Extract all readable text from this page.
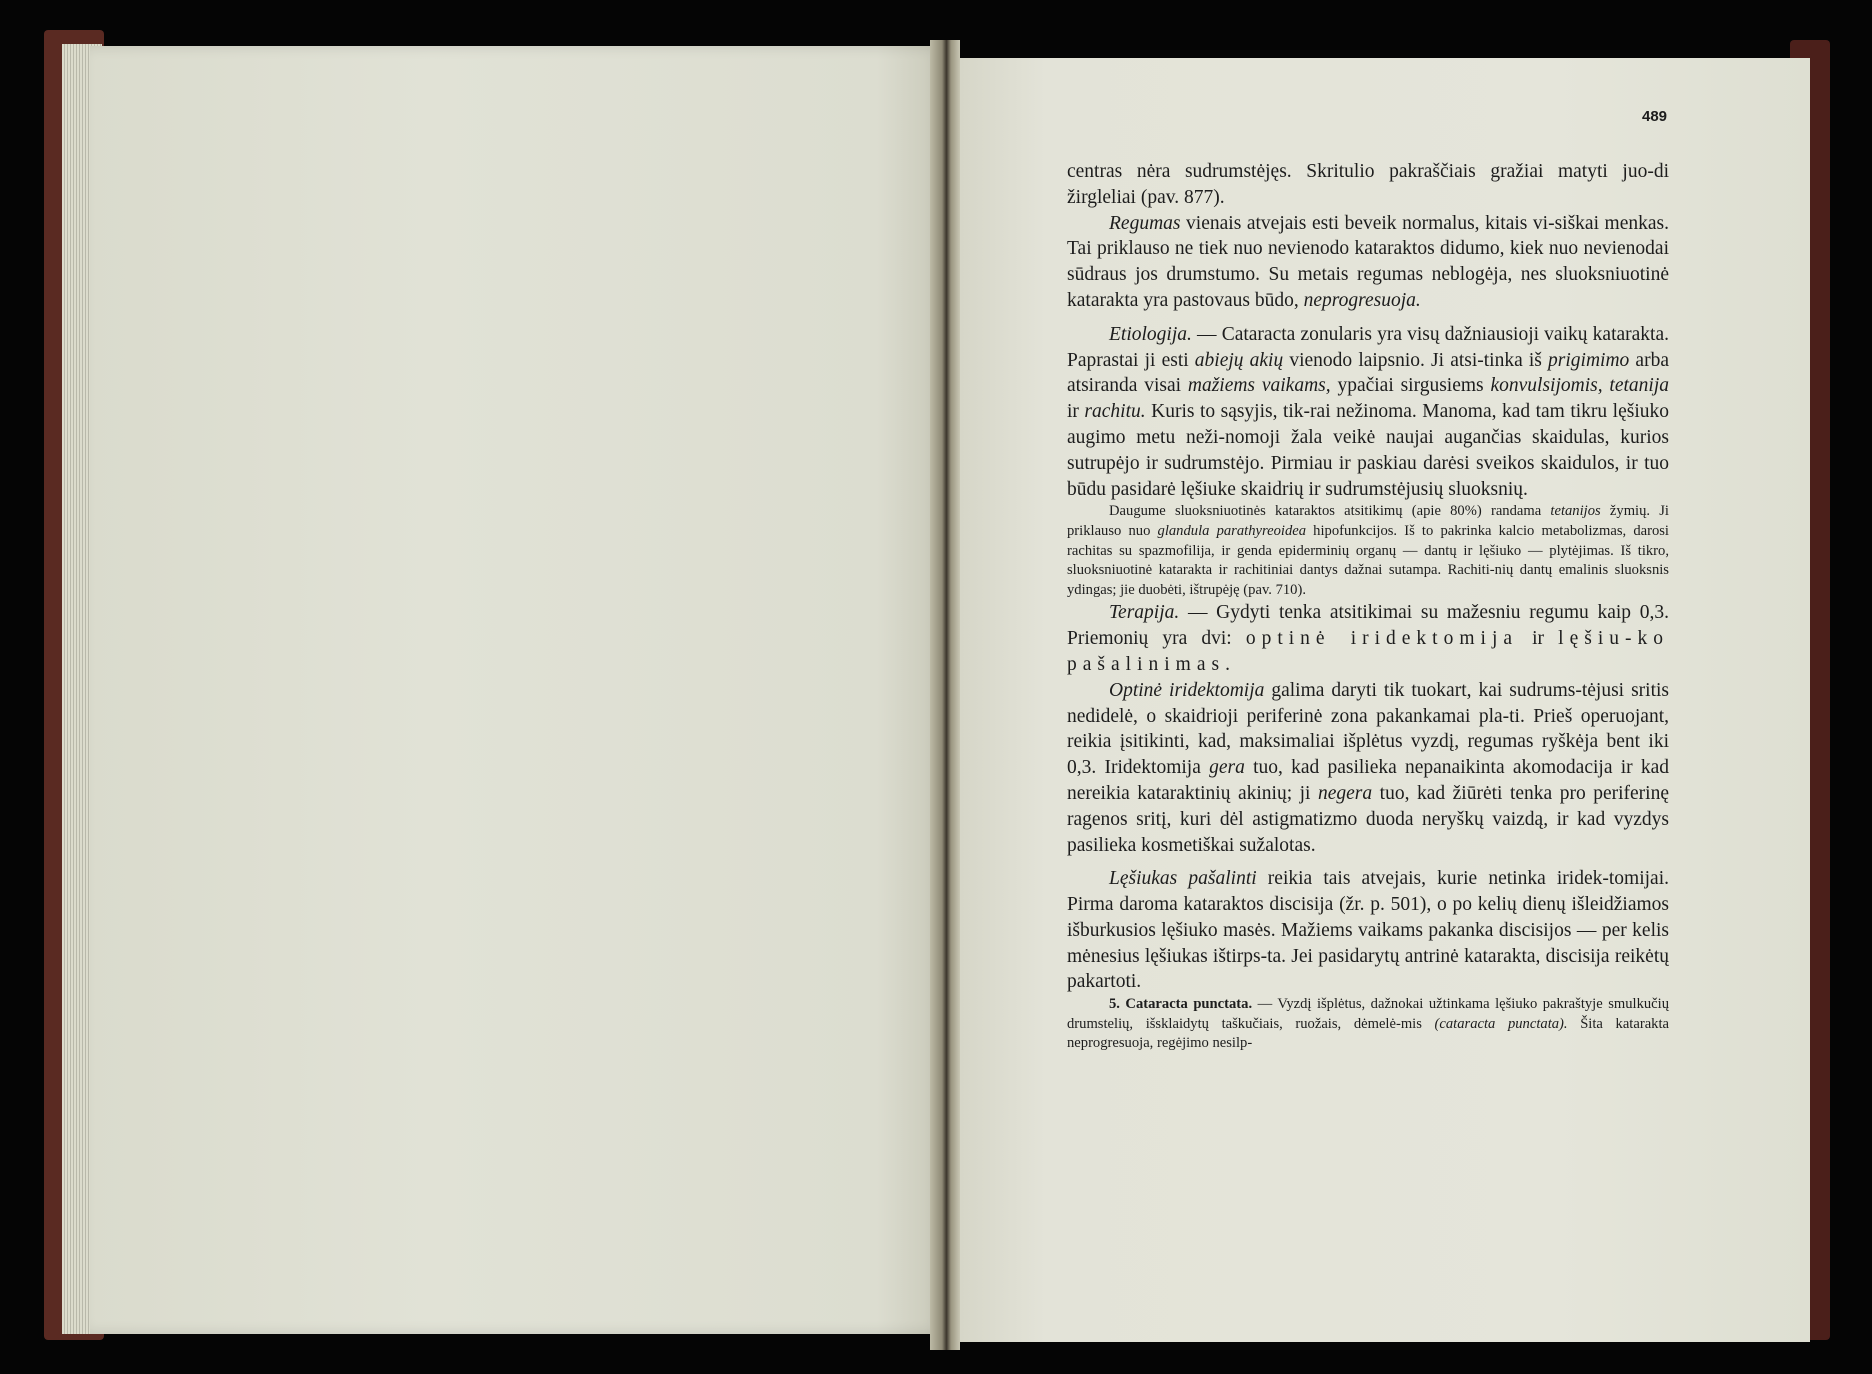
489

centras nėra sudrumstėjęs. Skritulio pakraščiais gražiai matyti juo-di žirgleliai (pav. 877).

Regumas vienais atvejais esti beveik normalus, kitais vi-siškai menkas. Tai priklauso ne tiek nuo nevienodo kataraktos didumo, kiek nuo nevienodai sūdraus jos drumstumo. Su metais regumas neblogėja, nes sluoksniuotinė katarakta yra pastovaus būdo, neprogresuoja.

Etiologija. — Cataracta zonularis yra visų dažniausioji vaikų katarakta. Paprastai ji esti abiejų akių vienodo laipsnio. Ji atsi-tinka iš prigimimo arba atsiranda visai mažiems vaikams, ypačiai sirgusiems konvulsijomis, tetanija ir rachitu. Kuris to sąsyjis, tik-rai nežinoma. Manoma, kad tam tikru lęšiuko augimo metu neži-nomoji žala veikė naujai augančias skaidulas, kurios sutrupėjo ir sudrumstėjo. Pirmiau ir paskiau darėsi sveikos skaidulos, ir tuo būdu pasidarė lęšiuke skaidrių ir sudrumstėjusių sluoksnių.

Daugume sluoksniuotinės kataraktos atsitikimų (apie 80%) randama tetanijos žymių. Ji priklauso nuo glandula parathyreoidea hipofunkcijos. Iš to pakrinka kalcio metabolizmas, darosi rachitas su spazmofilija, ir genda epiderminių organų — dantų ir lęšiuko — plytėjimas. Iš tikro, sluoksniuotinė katarakta ir rachitiniai dantys dažnai sutampa. Rachiti-nių dantų emalinis sluoksnis ydingas; jie duobėti, ištrupėję (pav. 710).

Terapija. — Gydyti tenka atsitikimai su mažesniu regumu kaip 0,3. Priemonių yra dvi: optinė iridektomija ir lęšiu-ko pašalinimas.

Optinė iridektomija galima daryti tik tuokart, kai sudrums-tėjusi sritis nedidelė, o skaidrioji periferinė zona pakankamai pla-ti. Prieš operuojant, reikia įsitikinti, kad, maksimaliai išplėtus vyzdį, regumas ryškėja bent iki 0,3. Iridektomija gera tuo, kad pasilieka nepanaikinta akomodacija ir kad nereikia kataraktinių akinių; ji negera tuo, kad žiūrėti tenka pro periferinę ragenos sritį, kuri dėl astigmatizmo duoda neryškų vaizdą, ir kad vyzdys pasilieka kosmetiškai sužalotas.

Lęšiukas pašalinti reikia tais atvejais, kurie netinka iridek-tomijai. Pirma daroma kataraktos discisija (žr. p. 501), o po kelių dienų išleidžiamos išburkusios lęšiuko masės. Mažiems vaikams pakanka discisijos — per kelis mėnesius lęšiukas ištirps-ta. Jei pasidarytų antrinė katarakta, discisija reikėtų pakartoti.

5. Cataracta punctata. — Vyzdį išplėtus, dažnokai užtinkama lęšiuko pakraštyje smulkučių drumstelių, išsklaidytų taškučiais, ruožais, dėmelė-mis (cataracta punctata). Šita katarakta neprogresuoja, regėjimo nesilp-
